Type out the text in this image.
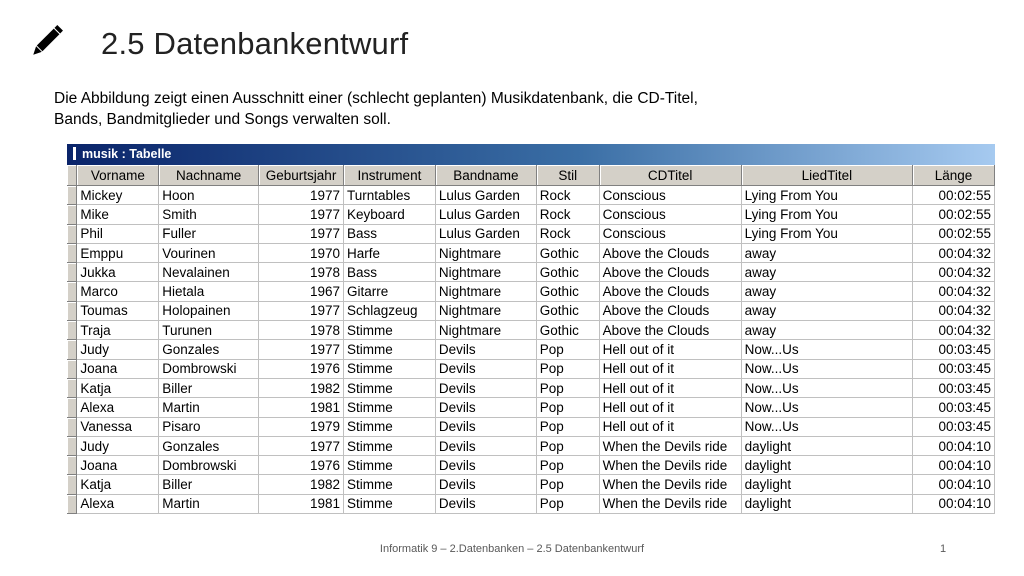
2.5 Datenbankentwurf

Die Abbildung zeigt einen Ausschnitt einer (schlecht geplanten) Musikdatenbank, die CD-Titel,

Bands, Bandmitglieder und Songs verwalten soll.

musik : Tabelle
	Vorname	Nachname	Geburtsjahr	Instrument	Bandname	Stil	CDTitel	LiedTitel	Länge
	Mickey	Hoon	1977	Turntables	Lulus Garden	Rock	Conscious	Lying From You	00:02:55
	Mike	Smith	1977	Keyboard	Lulus Garden	Rock	Conscious	Lying From You	00:02:55
	Phil	Fuller	1977	Bass	Lulus Garden	Rock	Conscious	Lying From You	00:02:55
	Emppu	Vourinen	1970	Harfe	Nightmare	Gothic	Above the Clouds	away	00:04:32
	Jukka	Nevalainen	1978	Bass	Nightmare	Gothic	Above the Clouds	away	00:04:32
	Marco	Hietala	1967	Gitarre	Nightmare	Gothic	Above the Clouds	away	00:04:32
	Toumas	Holopainen	1977	Schlagzeug	Nightmare	Gothic	Above the Clouds	away	00:04:32
	Traja	Turunen	1978	Stimme	Nightmare	Gothic	Above the Clouds	away	00:04:32
	Judy	Gonzales	1977	Stimme	Devils	Pop	Hell out of it	Now...Us	00:03:45
	Joana	Dombrowski	1976	Stimme	Devils	Pop	Hell out of it	Now...Us	00:03:45
	Katja	Biller	1982	Stimme	Devils	Pop	Hell out of it	Now...Us	00:03:45
	Alexa	Martin	1981	Stimme	Devils	Pop	Hell out of it	Now...Us	00:03:45
	Vanessa	Pisaro	1979	Stimme	Devils	Pop	Hell out of it	Now...Us	00:03:45
	Judy	Gonzales	1977	Stimme	Devils	Pop	When the Devils ride	daylight	00:04:10
	Joana	Dombrowski	1976	Stimme	Devils	Pop	When the Devils ride	daylight	00:04:10
	Katja	Biller	1982	Stimme	Devils	Pop	When the Devils ride	daylight	00:04:10
	Alexa	Martin	1981	Stimme	Devils	Pop	When the Devils ride	daylight	00:04:10
Informatik 9 – 2.Datenbanken – 2.5 Datenbankentwurf	1
